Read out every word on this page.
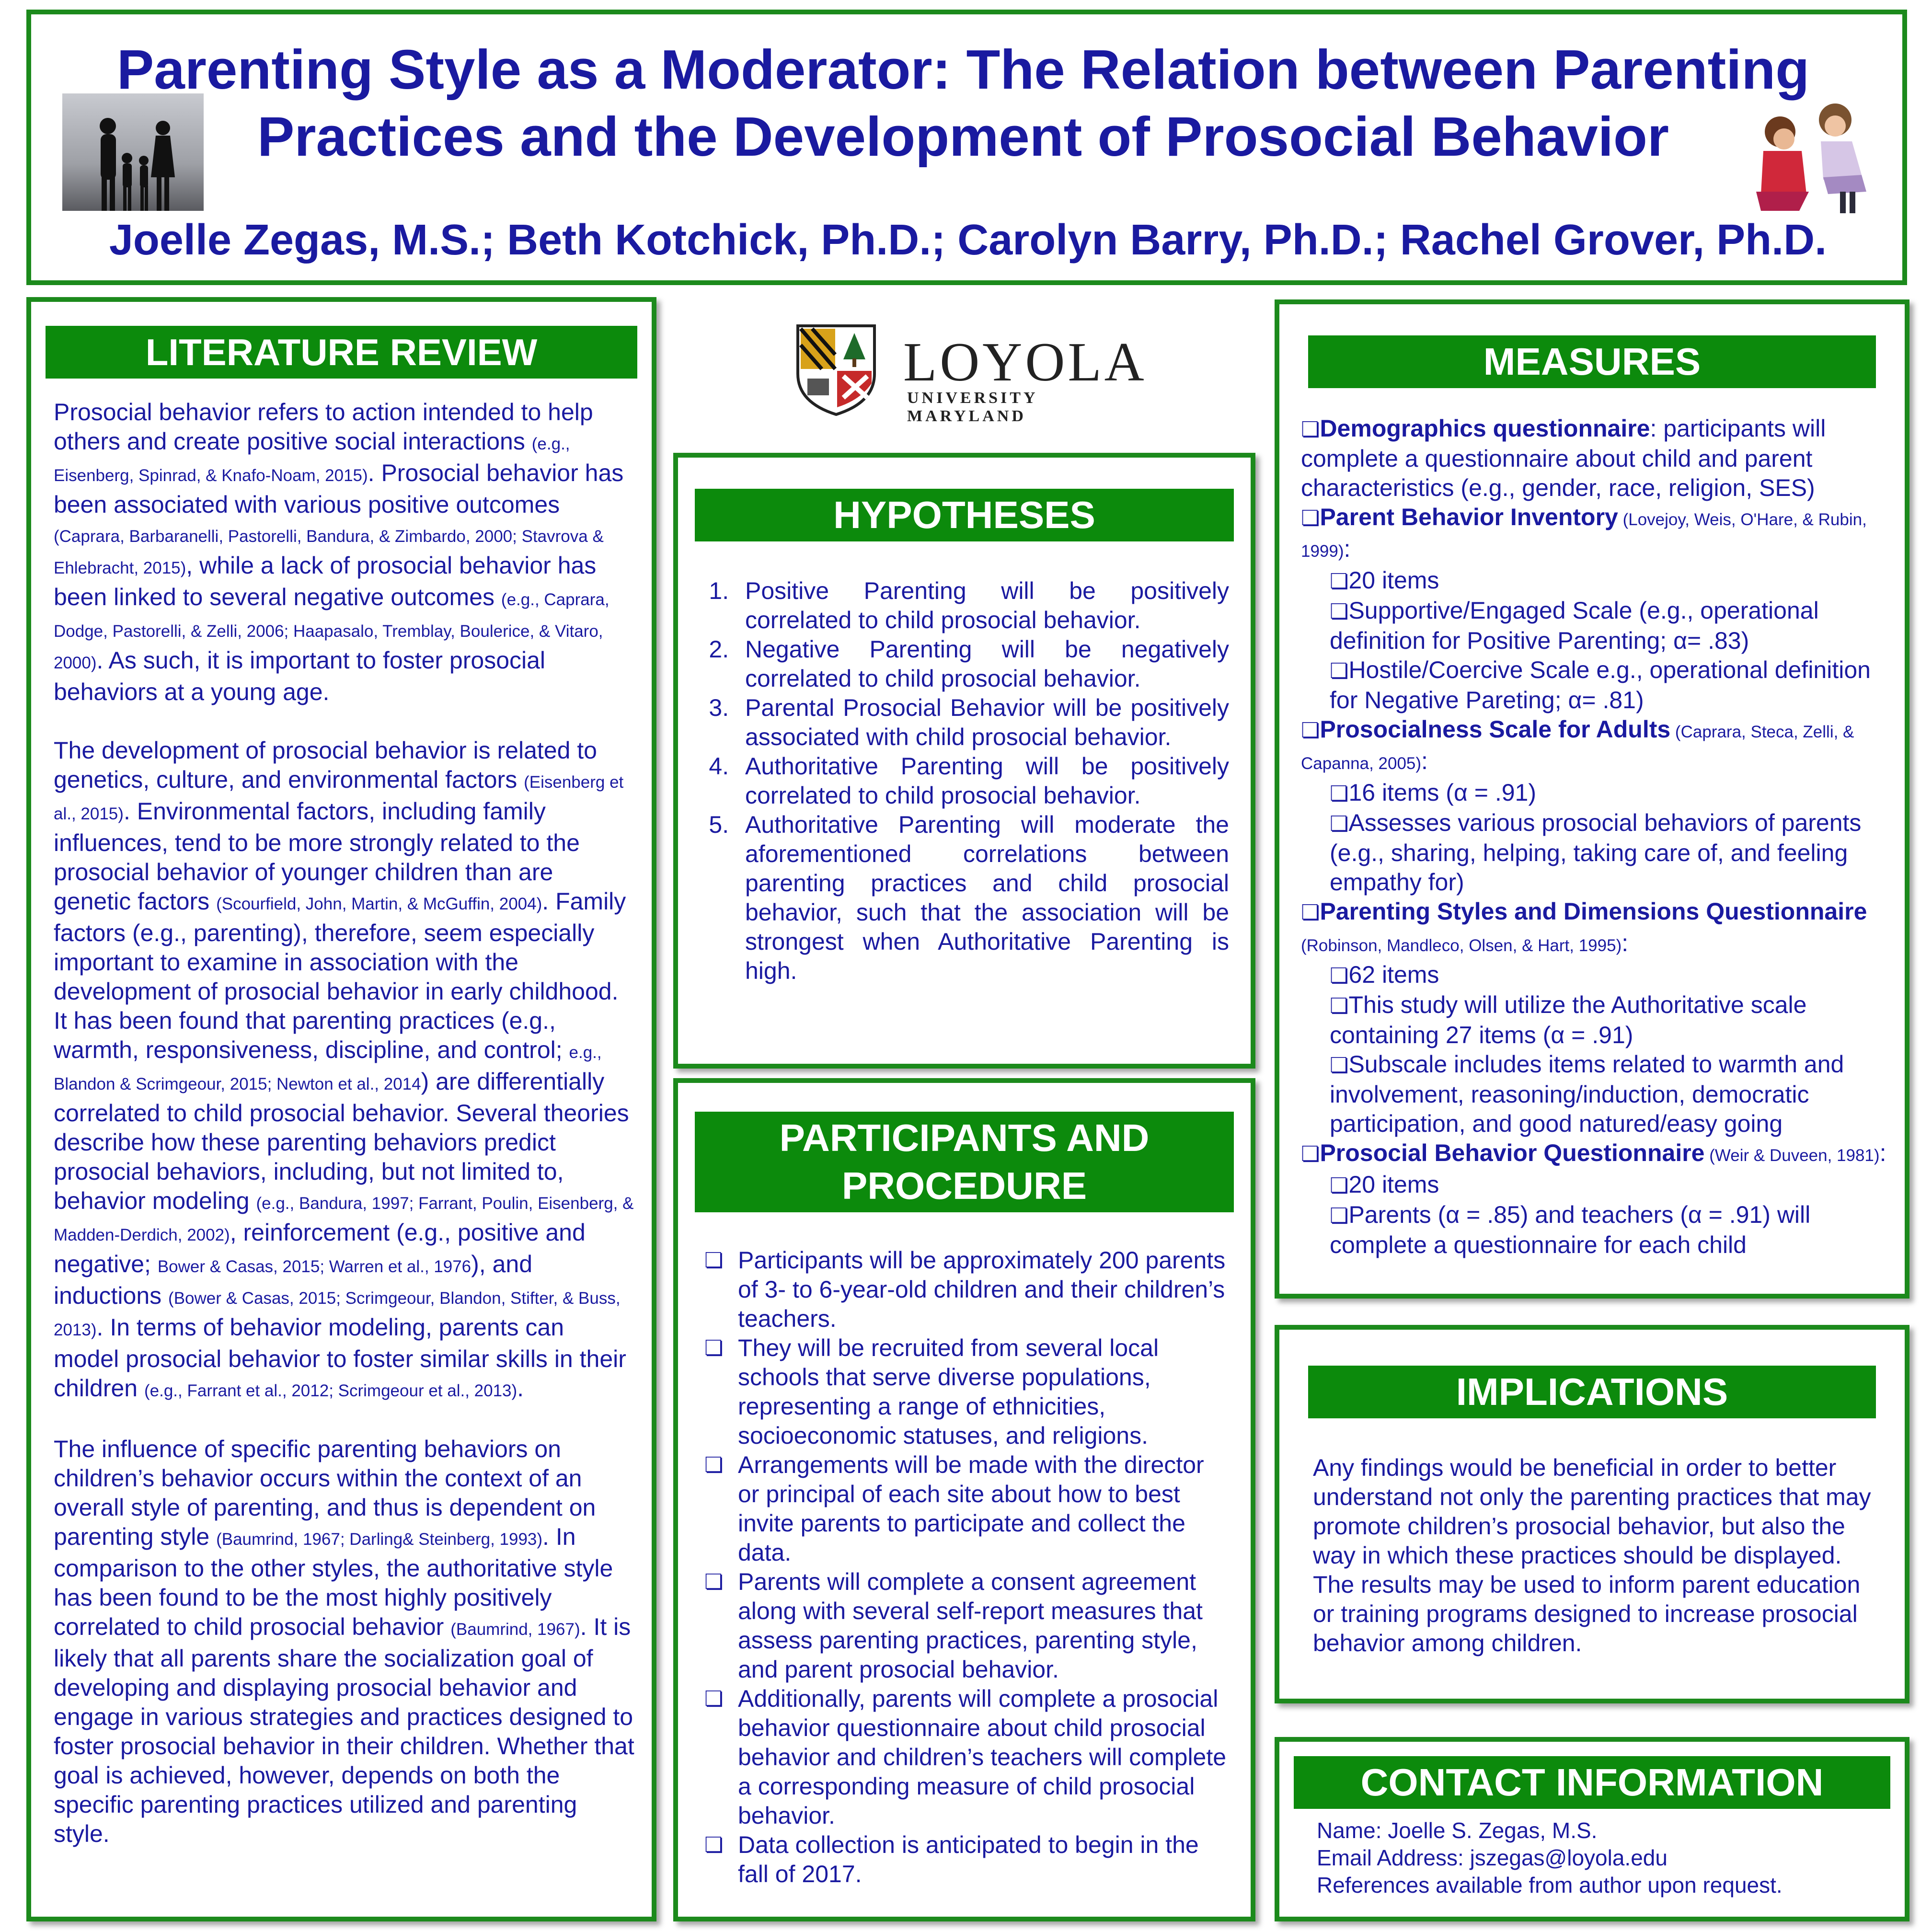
Parenting Style as a Moderator: The Relation between Parenting Practices and the Development of Prosocial Behavior
Joelle Zegas, M.S.; Beth Kotchick, Ph.D.; Carolyn Barry, Ph.D.; Rachel Grover, Ph.D.
LITERATURE REVIEW

Prosocial behavior refers to action intended to help others and create positive social interactions (e.g., Eisenberg, Spinrad, & Knafo-Noam, 2015). Prosocial behavior has been associated with various positive outcomes (Caprara, Barbaranelli, Pastorelli, Bandura, & Zimbardo, 2000; Stavrova & Ehlebracht, 2015), while a lack of prosocial behavior has been linked to several negative outcomes (e.g., Caprara, Dodge, Pastorelli, & Zelli, 2006; Haapasalo, Tremblay, Boulerice, & Vitaro, 2000). As such, it is important to foster prosocial behaviors at a young age.

The development of prosocial behavior is related to genetics, culture, and environmental factors (Eisenberg et al., 2015). Environmental factors, including family influences, tend to be more strongly related to the prosocial behavior of younger children than are genetic factors (Scourfield, John, Martin, & McGuffin, 2004). Family factors (e.g., parenting), therefore, seem especially important to examine in association with the development of prosocial behavior in early childhood. It has been found that parenting practices (e.g., warmth, responsiveness, discipline, and control; e.g., Blandon & Scrimgeour, 2015; Newton et al., 2014) are differentially correlated to child prosocial behavior. Several theories describe how these parenting behaviors predict prosocial behaviors, including, but not limited to, behavior modeling (e.g., Bandura, 1997; Farrant, Poulin, Eisenberg, & Madden-Derdich, 2002), reinforcement (e.g., positive and negative; Bower & Casas, 2015; Warren et al., 1976), and inductions (Bower & Casas, 2015; Scrimgeour, Blandon, Stifter, & Buss, 2013). In terms of behavior modeling, parents can model prosocial behavior to foster similar skills in their children (e.g., Farrant et al., 2012; Scrimgeour et al., 2013).

The influence of specific parenting behaviors on children’s behavior occurs within the context of an overall style of parenting, and thus is dependent on parenting style (Baumrind, 1967; Darling& Steinberg, 1993). In comparison to the other styles, the authoritative style has been found to be the most highly positively correlated to child prosocial behavior (Baumrind, 1967). It is likely that all parents share the socialization goal of developing and displaying prosocial behavior and engage in various strategies and practices designed to foster prosocial behavior in their children. Whether that goal is achieved, however, depends on both the specific parenting practices utilized and parenting style.

LOYOLA
UNIVERSITY MARYLAND
HYPOTHESES
1. Positive Parenting will be positively correlated to child prosocial behavior.
2. Negative Parenting will be negatively correlated to child prosocial behavior.
3. Parental Prosocial Behavior will be positively associated with child prosocial behavior.
4. Authoritative Parenting will be positively correlated to child prosocial behavior.
5. Authoritative Parenting will moderate the aforementioned correlations between parenting practices and child prosocial behavior, such that the association will be strongest when Authoritative Parenting is high.
PARTICIPANTS AND PROCEDURE
❏ Participants will be approximately 200 parents of 3- to 6-year-old children and their children’s teachers.
❏ They will be recruited from several local schools that serve diverse populations, representing a range of ethnicities, socioeconomic statuses, and religions.
❏ Arrangements will be made with the director or principal of each site about how to best invite parents to participate and collect the data.
❏ Parents will complete a consent agreement along with several self-report measures that assess parenting practices, parenting style, and parent prosocial behavior.
❏ Additionally, parents will complete a prosocial behavior questionnaire about child prosocial behavior and children’s teachers will complete a corresponding measure of child prosocial behavior.
❏ Data collection is anticipated to begin in the fall of 2017.
MEASURES
❏Demographics questionnaire: participants will complete a questionnaire about child and parent characteristics (e.g., gender, race, religion, SES)
❏Parent Behavior Inventory (Lovejoy, Weis, O'Hare, & Rubin, 1999):
❏20 items
❏Supportive/Engaged Scale (e.g., operational definition for Positive Parenting; α= .83)
❏Hostile/Coercive Scale e.g., operational definition for Negative Pareting; α= .81)
❏Prosocialness Scale for Adults (Caprara, Steca, Zelli, & Capanna, 2005):
❏16 items (α = .91)
❏Assesses various prosocial behaviors of parents (e.g., sharing, helping, taking care of, and feeling empathy for)
❏Parenting Styles and Dimensions Questionnaire (Robinson, Mandleco, Olsen, & Hart, 1995):
❏62 items
❏This study will utilize the Authoritative scale containing 27 items (α = .91)
❏Subscale includes items related to warmth and involvement, reasoning/induction, democratic participation, and good natured/easy going
❏Prosocial Behavior Questionnaire (Weir & Duveen, 1981):
❏20 items
❏Parents (α = .85) and teachers (α = .91) will complete a questionnaire for each child
IMPLICATIONS
Any findings would be beneficial in order to better understand not only the parenting practices that may promote children’s prosocial behavior, but also the way in which these practices should be displayed. The results may be used to inform parent education or training programs designed to increase prosocial behavior among children.
CONTACT INFORMATION
Name: Joelle S. Zegas, M.S.
Email Address: jszegas@loyola.edu
References available from author upon request.
